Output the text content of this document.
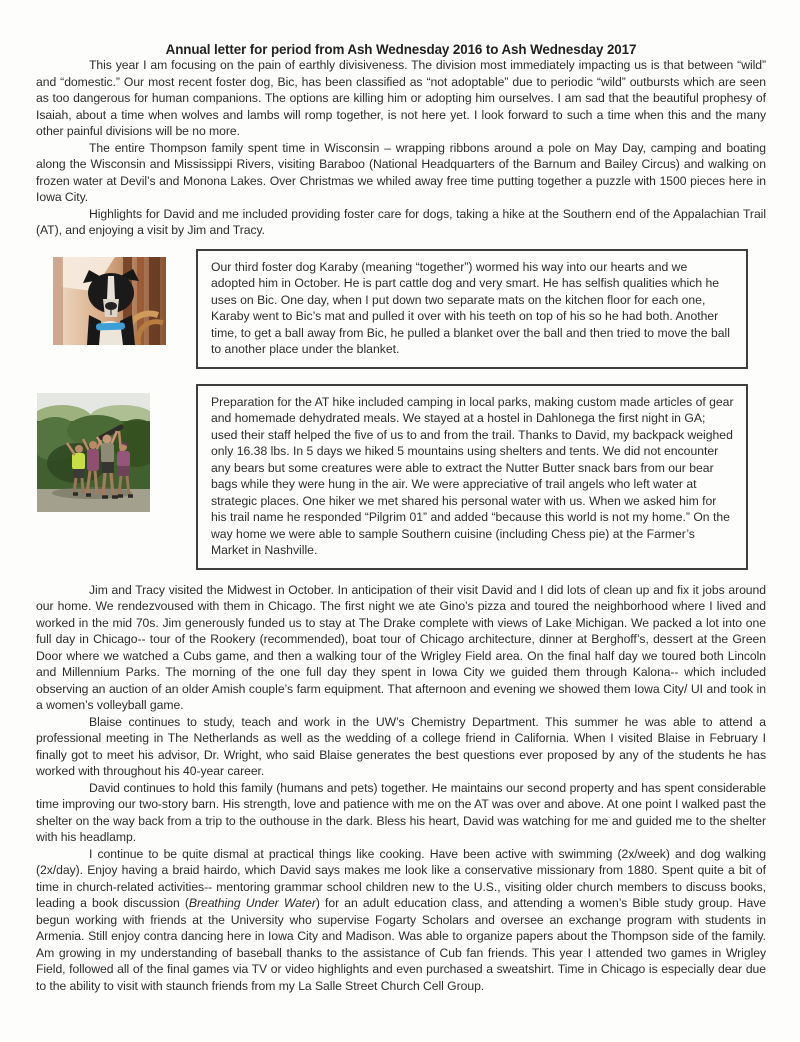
Annual letter for period from Ash Wednesday 2016 to Ash Wednesday 2017

This year I am focusing on the pain of earthly divisiveness. The division most immediately impacting us is that between “wild” and “domestic.” Our most recent foster dog, Bic, has been classified as “not adoptable” due to periodic “wild” outbursts which are seen as too dangerous for human companions. The options are killing him or adopting him ourselves. I am sad that the beautiful prophesy of Isaiah, about a time when wolves and lambs will romp together, is not here yet. I look forward to such a time when this and the many other painful divisions will be no more.

The entire Thompson family spent time in Wisconsin – wrapping ribbons around a pole on May Day, camping and boating along the Wisconsin and Mississippi Rivers, visiting Baraboo (National Headquarters of the Barnum and Bailey Circus) and walking on frozen water at Devil’s and Monona Lakes. Over Christmas we whiled away free time putting together a puzzle with 1500 pieces here in Iowa City.

Highlights for David and me included providing foster care for dogs, taking a hike at the Southern end of the Appalachian Trail (AT), and enjoying a visit by Jim and Tracy.

Our third foster dog Karaby (meaning “together”) wormed his way into our hearts and we adopted him in October. He is part cattle dog and very smart. He has selfish qualities which he uses on Bic. One day, when I put down two separate mats on the kitchen floor for each one, Karaby went to Bic’s mat and pulled it over with his teeth on top of his so he had both. Another time, to get a ball away from Bic, he pulled a blanket over the ball and then tried to move the ball to another place under the blanket.
Preparation for the AT hike included camping in local parks, making custom made articles of gear and homemade dehydrated meals. We stayed at a hostel in Dahlonega the first night in GA; used their staff helped the five of us to and from the trail. Thanks to David, my backpack weighed only 16.38 lbs. In 5 days we hiked 5 mountains using shelters and tents. We did not encounter any bears but some creatures were able to extract the Nutter Butter snack bars from our bear bags while they were hung in the air. We were appreciative of trail angels who left water at strategic places. One hiker we met shared his personal water with us. When we asked him for his trail name he responded “Pilgrim 01” and added “because this world is not my home.” On the way home we were able to sample Southern cuisine (including Chess pie) at the Farmer’s Market in Nashville.

Jim and Tracy visited the Midwest in October. In anticipation of their visit David and I did lots of clean up and fix it jobs around our home. We rendezvoused with them in Chicago. The first night we ate Gino’s pizza and toured the neighborhood where I lived and worked in the mid 70s. Jim generously funded us to stay at The Drake complete with views of Lake Michigan. We packed a lot into one full day in Chicago-- tour of the Rookery (recommended), boat tour of Chicago architecture, dinner at Berghoff’s, dessert at the Green Door where we watched a Cubs game, and then a walking tour of the Wrigley Field area. On the final half day we toured both Lincoln and Millennium Parks. The morning of the one full day they spent in Iowa City we guided them through Kalona-- which included observing an auction of an older Amish couple’s farm equipment. That afternoon and evening we showed them Iowa City/ UI and took in a women’s volleyball game.

Blaise continues to study, teach and work in the UW’s Chemistry Department. This summer he was able to attend a professional meeting in The Netherlands as well as the wedding of a college friend in California. When I visited Blaise in February I finally got to meet his advisor, Dr. Wright, who said Blaise generates the best questions ever proposed by any of the students he has worked with throughout his 40-year career.

David continues to hold this family (humans and pets) together. He maintains our second property and has spent considerable time improving our two-story barn. His strength, love and patience with me on the AT was over and above. At one point I walked past the shelter on the way back from a trip to the outhouse in the dark. Bless his heart, David was watching for me and guided me to the shelter with his headlamp.

I continue to be quite dismal at practical things like cooking. Have been active with swimming (2x/week) and dog walking (2x/day). Enjoy having a braid hairdo, which David says makes me look like a conservative missionary from 1880. Spent quite a bit of time in church-related activities-- mentoring grammar school children new to the U.S., visiting older church members to discuss books, leading a book discussion (Breathing Under Water) for an adult education class, and attending a women’s Bible study group. Have begun working with friends at the University who supervise Fogarty Scholars and oversee an exchange program with students in Armenia. Still enjoy contra dancing here in Iowa City and Madison. Was able to organize papers about the Thompson side of the family. Am growing in my understanding of baseball thanks to the assistance of Cub fan friends. This year I attended two games in Wrigley Field, followed all of the final games via TV or video highlights and even purchased a sweatshirt. Time in Chicago is especially dear due to the ability to visit with staunch friends from my La Salle Street Church Cell Group.
